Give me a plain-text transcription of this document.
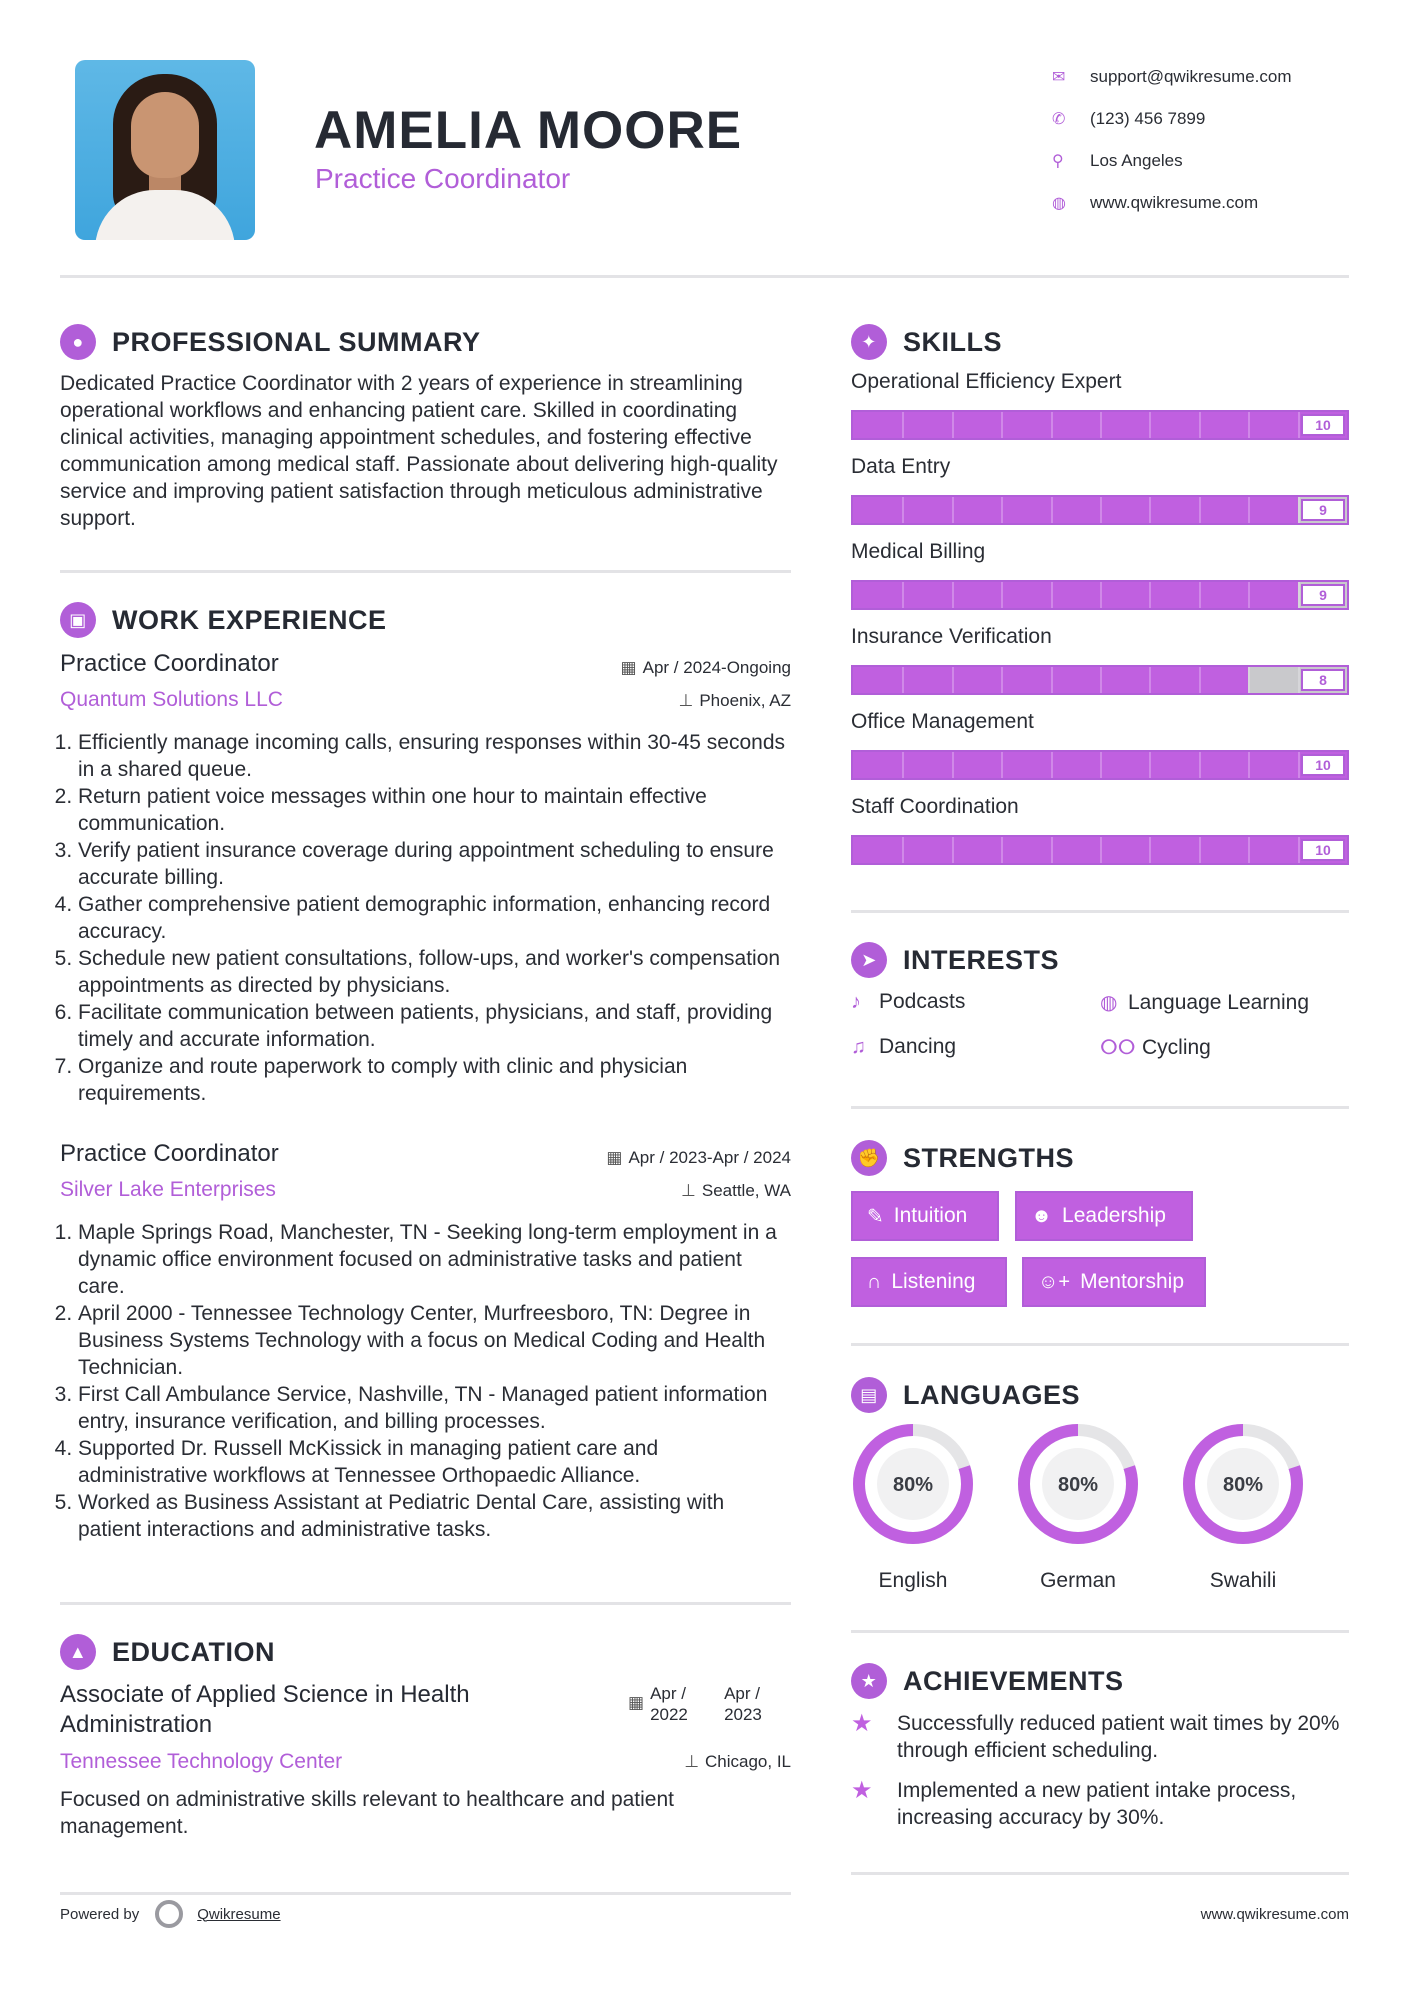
AMELIA MOORE
Practice Coordinator
✉	support@qwikresume.com
✆	(123) 456 7899
⚲	Los Angeles
◍	www.qwikresume.com
●	PROFESSIONAL SUMMARY
Dedicated Practice Coordinator with 2 years of experience in streamlining operational workflows and enhancing patient care. Skilled in coordinating clinical activities, managing appointment schedules, and fostering effective communication among medical staff. Passionate about delivering high-quality service and improving patient satisfaction through meticulous administrative support.
▣ WORK EXPERIENCE
Practice Coordinator	▦ Apr / 2024-Ongoing
Quantum Solutions LLC	⊥ Phoenix, AZ
1. Efficiently manage incoming calls, ensuring responses within 30-45 seconds in a shared queue.
2. Return patient voice messages within one hour to maintain effective communication.
3. Verify patient insurance coverage during appointment scheduling to ensure accurate billing.
4. Gather comprehensive patient demographic information, enhancing record accuracy.
5. Schedule new patient consultations, follow-ups, and worker's compensation appointments as directed by physicians.
6. Facilitate communication between patients, physicians, and staff, providing timely and accurate information.
7. Organize and route paperwork to comply with clinic and physician requirements.
Practice Coordinator	▦ Apr / 2023-Apr / 2024
Silver Lake Enterprises	⊥ Seattle, WA
1. Maple Springs Road, Manchester, TN - Seeking long-term employment in a dynamic office environment focused on administrative tasks and patient care.
2. April 2000 - Tennessee Technology Center, Murfreesboro, TN: Degree in Business Systems Technology with a focus on Medical Coding and Health Technician.
3. First Call Ambulance Service, Nashville, TN - Managed patient information entry, insurance verification, and billing processes.
4. Supported Dr. Russell McKissick in managing patient care and administrative workflows at Tennessee Orthopaedic Alliance.
5. Worked as Business Assistant at Pediatric Dental Care, assisting with patient interactions and administrative tasks.
▲ EDUCATION
Associate of Applied Science in Health Administration
▦ Apr / 2022
Apr / 2023
Tennessee Technology Center	⊥ Chicago, IL
Focused on administrative skills relevant to healthcare and patient management.
✦ SKILLS
Operational Efficiency Expert
10
Data Entry
9
Medical Billing
9
Insurance Verification
8
Office Management
10
Staff Coordination
10
➤ INTERESTS
♪ Podcasts	◍ Language Learning
♫ Dancing	ⵔⵔ Cycling
✊ STRENGTHS
✎ Intuition	☻ Leadership
∩ Listening	☺+ Mentorship
▤ LANGUAGES
80%
English
80%
German
80%
Swahili
★ ACHIEVEMENTS
★	Successfully reduced patient wait times by 20% through efficient scheduling.
★	Implemented a new patient intake process, increasing accuracy by 30%.
Powered by	Qwikresume	www.qwikresume.com
